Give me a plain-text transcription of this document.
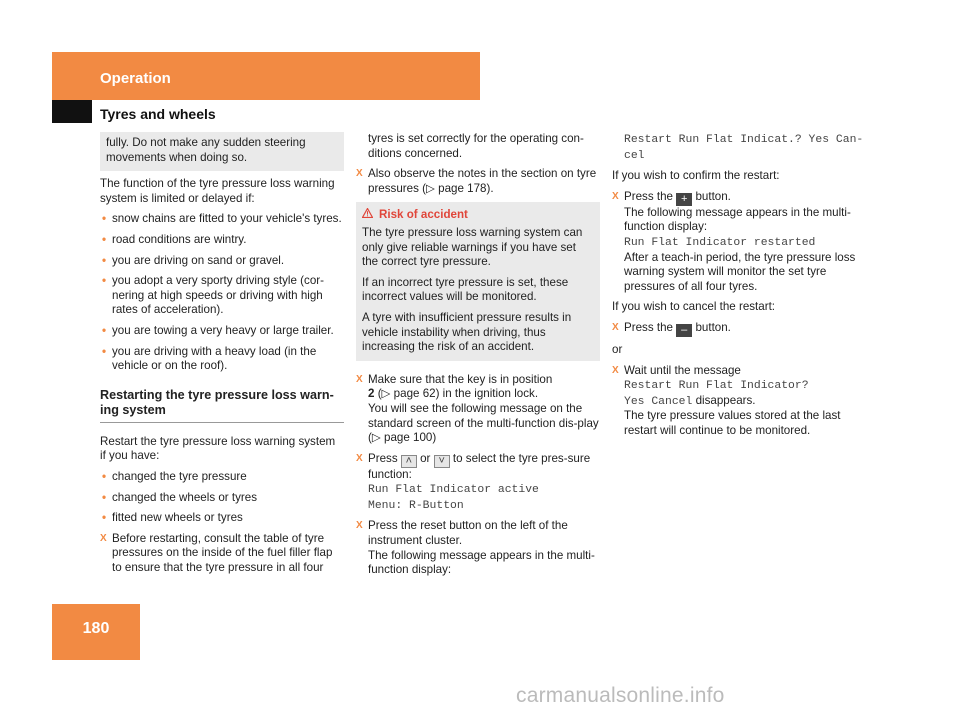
Operation
Tyres and wheels
fully. Do not make any sudden steering movements when doing so.
The function of the tyre pressure loss warning system is limited or delayed if:
• snow chains are fitted to your vehicle's tyres.
• road conditions are wintry.
• you are driving on sand or gravel.
• you adopt a very sporty driving style (cor-nering at high speeds or driving with high rates of acceleration).
• you are towing a very heavy or large trailer.
• you are driving with a heavy load (in the vehicle or on the roof).
Restarting the tyre pressure loss warn-ing system
Restart the tyre pressure loss warning system if you have:
• changed the tyre pressure
• changed the wheels or tyres
• fitted new wheels or tyres
X Before restarting, consult the table of tyre pressures on the inside of the fuel filler flap to ensure that the tyre pressure in all four
tyres is set correctly for the operating con-ditions concerned.
X Also observe the notes in the section on tyre pressures (▷ page 178).
Risk of accident
The tyre pressure loss warning system can only give reliable warnings if you have set the correct tyre pressure.
If an incorrect tyre pressure is set, these incorrect values will be monitored.
A tyre with insufficient pressure results in vehicle instability when driving, thus increasing the risk of an accident.
X Make sure that the key is in position
2 (▷ page 62) in the ignition lock.
You will see the following message on the standard screen of the multi-function dis-play (▷ page 100)
X Press ˄ or ˅ to select the tyre pres-sure function:
Run Flat Indicator active
Menu: R-Button
X Press the reset button on the left of the instrument cluster.
The following message appears in the multi-function display:
Restart Run Flat Indicat.? Yes Can-
cel
If you wish to confirm the restart:
X Press the + button.
The following message appears in the multi-function display:
Run Flat Indicator restarted
After a teach-in period, the tyre pressure loss warning system will monitor the set tyre pressures of all four tyres.
If you wish to cancel the restart:
X Press the ‒ button.
or
X Wait until the message
Restart Run Flat Indicator?
Yes Cancel disappears.
The tyre pressure values stored at the last restart will continue to be monitored.
180
carmanualsonline.info
